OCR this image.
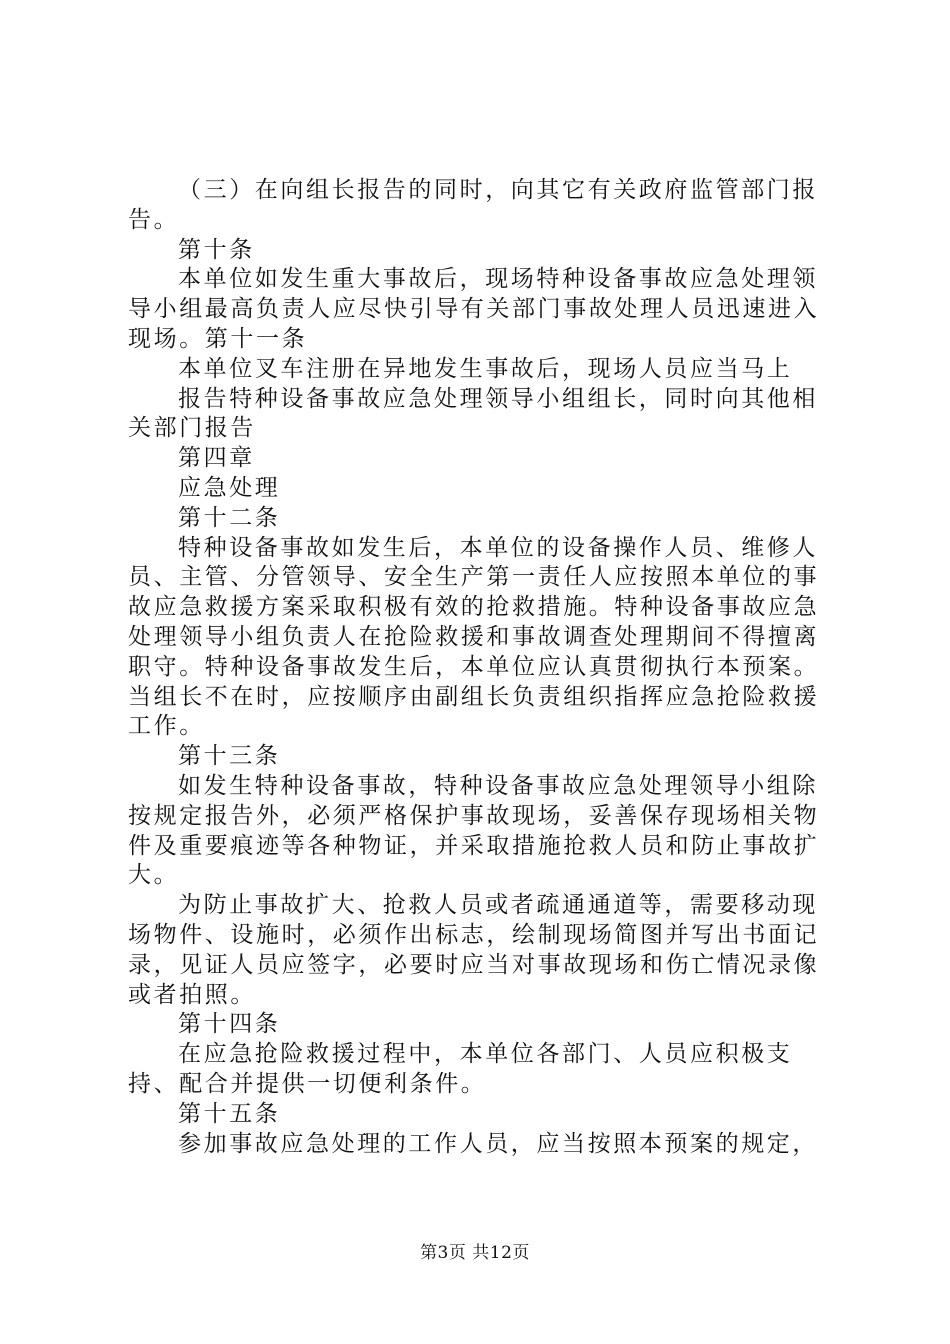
（三）在向组长报告的同时，向其它有关政府监管部门报告。

第十条

本单位如发生重大事故后，现场特种设备事故应急处理领导小组最高负责人应尽快引导有关部门事故处理人员迅速进入现场。第十一条

本单位叉车注册在异地发生事故后，现场人员应当马上

报告特种设备事故应急处理领导小组组长，同时向其他相关部门报告

第四章

应急处理

第十二条

特种设备事故如发生后，本单位的设备操作人员、维修人员、主管、分管领导、安全生产第一责任人应按照本单位的事故应急救援方案采取积极有效的抢救措施。特种设备事故应急处理领导小组负责人在抢险救援和事故调查处理期间不得擅离职守。特种设备事故发生后，本单位应认真贯彻执行本预案。当组长不在时，应按顺序由副组长负责组织指挥应急抢险救援工作。

第十三条

如发生特种设备事故，特种设备事故应急处理领导小组除按规定报告外，必须严格保护事故现场，妥善保存现场相关物件及重要痕迹等各种物证，并采取措施抢救人员和防止事故扩大。

为防止事故扩大、抢救人员或者疏通通道等，需要移动现场物件、设施时，必须作出标志，绘制现场简图并写出书面记录，见证人员应签字，必要时应当对事故现场和伤亡情况录像或者拍照。

第十四条

在应急抢险救援过程中，本单位各部门、人员应积极支持、配合并提供一切便利条件。

第十五条

参加事故应急处理的工作人员，应当按照本预案的规定，

第3页 共12页
